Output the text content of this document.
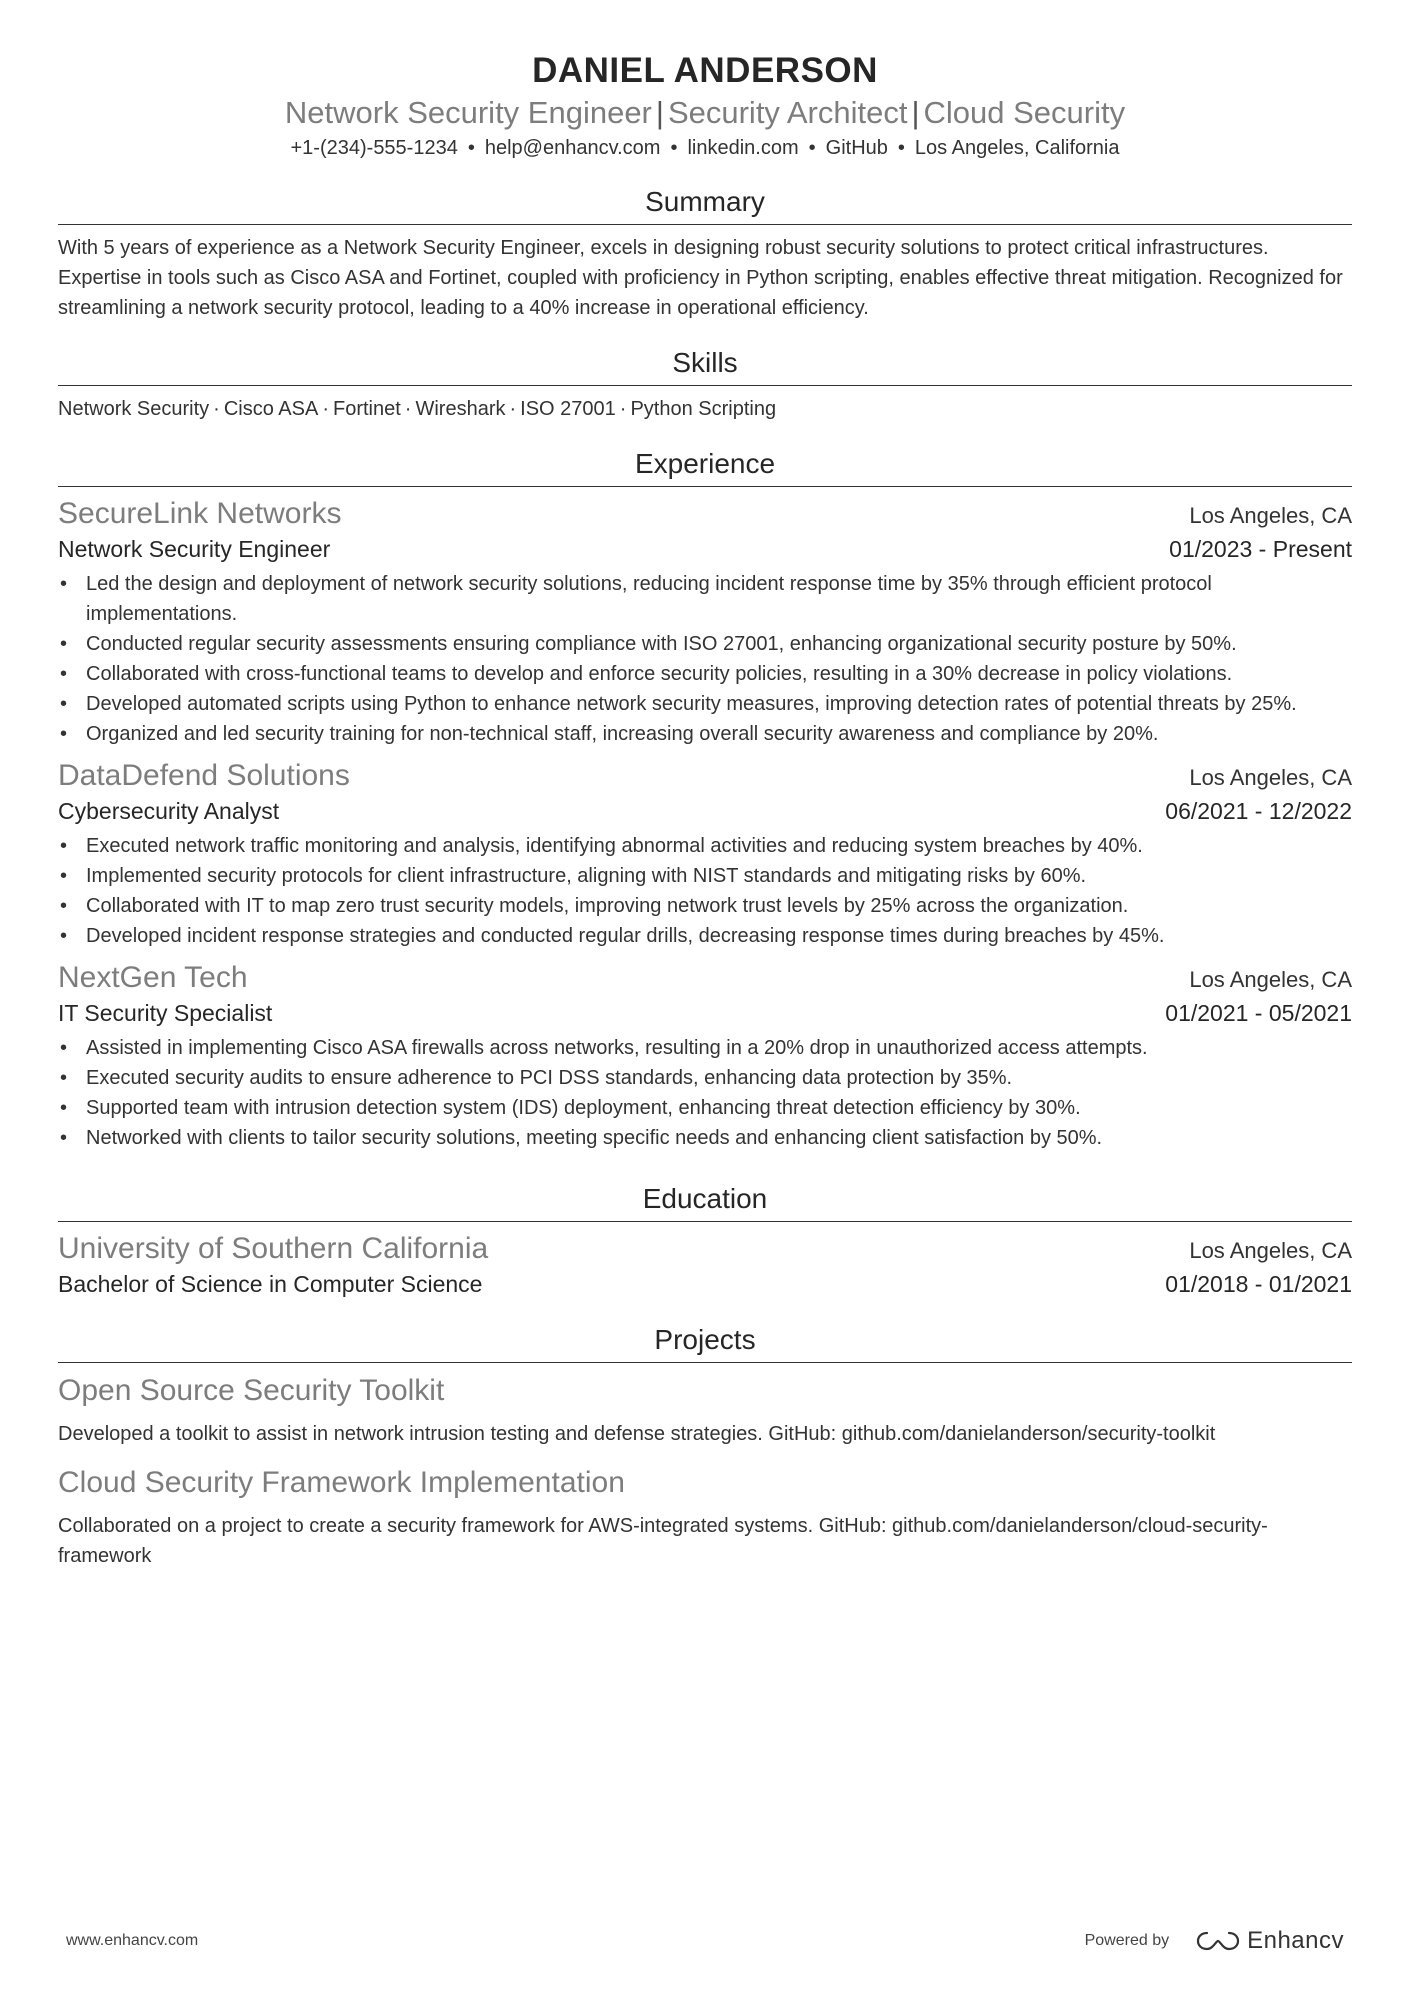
DANIEL ANDERSON
Network Security Engineer | Security Architect | Cloud Security
+1-(234)-555-1234 • help@enhancv.com • linkedin.com • GitHub • Los Angeles, California
Summary
With 5 years of experience as a Network Security Engineer, excels in designing robust security solutions to protect critical infrastructures. Expertise in tools such as Cisco ASA and Fortinet, coupled with proficiency in Python scripting, enables effective threat mitigation. Recognized for streamlining a network security protocol, leading to a 40% increase in operational efficiency.
Skills
Network Security · Cisco ASA · Fortinet · Wireshark · ISO 27001 · Python Scripting
Experience
SecureLink Networks	Los Angeles, CA
Network Security Engineer	01/2023 - Present
• Led the design and deployment of network security solutions, reducing incident response time by 35% through efficient protocol implementations.
• Conducted regular security assessments ensuring compliance with ISO 27001, enhancing organizational security posture by 50%.
• Collaborated with cross-functional teams to develop and enforce security policies, resulting in a 30% decrease in policy violations.
• Developed automated scripts using Python to enhance network security measures, improving detection rates of potential threats by 25%.
• Organized and led security training for non-technical staff, increasing overall security awareness and compliance by 20%.
DataDefend Solutions	Los Angeles, CA
Cybersecurity Analyst	06/2021 - 12/2022
• Executed network traffic monitoring and analysis, identifying abnormal activities and reducing system breaches by 40%.
• Implemented security protocols for client infrastructure, aligning with NIST standards and mitigating risks by 60%.
• Collaborated with IT to map zero trust security models, improving network trust levels by 25% across the organization.
• Developed incident response strategies and conducted regular drills, decreasing response times during breaches by 45%.
NextGen Tech	Los Angeles, CA
IT Security Specialist	01/2021 - 05/2021
• Assisted in implementing Cisco ASA firewalls across networks, resulting in a 20% drop in unauthorized access attempts.
• Executed security audits to ensure adherence to PCI DSS standards, enhancing data protection by 35%.
• Supported team with intrusion detection system (IDS) deployment, enhancing threat detection efficiency by 30%.
• Networked with clients to tailor security solutions, meeting specific needs and enhancing client satisfaction by 50%.
Education
University of Southern California	Los Angeles, CA
Bachelor of Science in Computer Science	01/2018 - 01/2021
Projects
Open Source Security Toolkit
Developed a toolkit to assist in network intrusion testing and defense strategies. GitHub: github.com/danielanderson/security-toolkit
Cloud Security Framework Implementation
Collaborated on a project to create a security framework for AWS-integrated systems. GitHub: github.com/danielanderson/cloud-security-framework
www.enhancv.com	Powered by	Enhancv
